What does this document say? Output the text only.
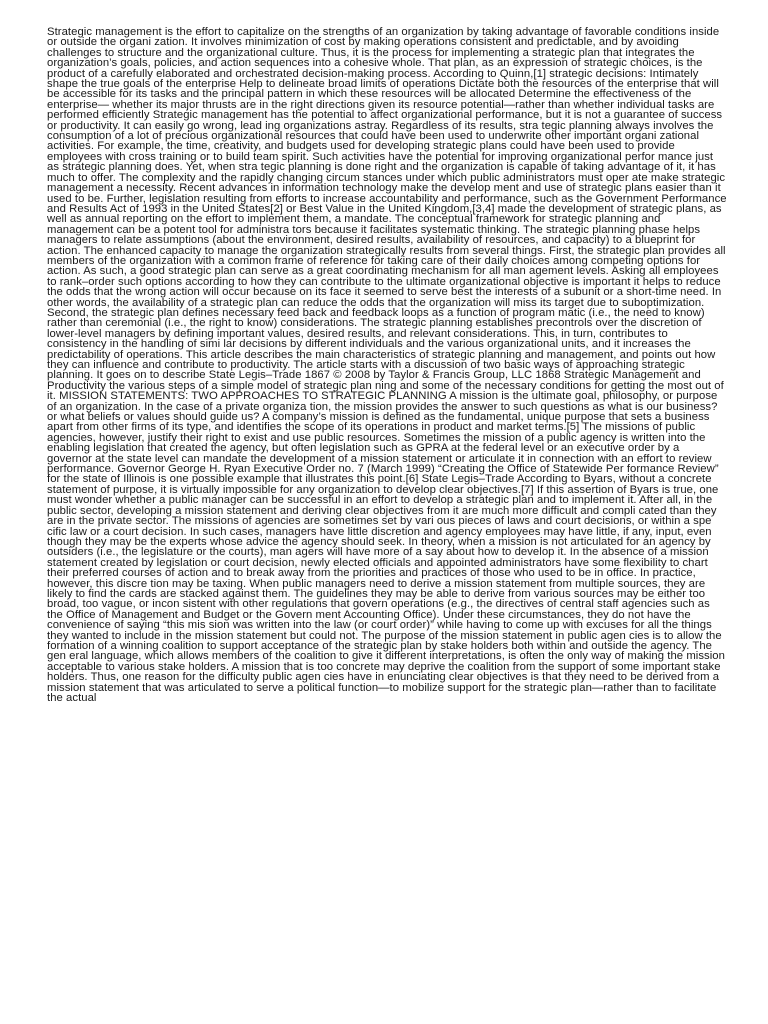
Strategic management is the effort to capitalize on the strengths of an organization by taking advantage of favorable conditions inside or outside the organi zation. It involves minimization of cost by making operations consistent and predictable, and by avoiding challenges to structure and the organizational culture. Thus, it is the process for implementing a strategic plan that integrates the organization’s goals, policies, and action sequences into a cohesive whole. That plan, as an expression of strategic choices, is the product of a carefully elaborated and orchestrated decision-making process. According to Quinn,[1] strategic decisions: Intimately shape the true goals of the enterprise Help to delineate broad limits of operations Dictate both the resources of the enterprise that will be accessible for its tasks and the principal pattern in which these resources will be allocated Determine the effectiveness of the enterprise— whether its major thrusts are in the right directions given its resource potential—rather than whether individual tasks are performed efficiently Strategic management has the potential to affect organizational performance, but it is not a guarantee of success or productivity. It can easily go wrong, lead ing organizations astray. Regardless of its results, stra tegic planning always involves the consumption of a lot of precious organizational resources that could have been used to underwrite other important organi zational activities. For example, the time, creativity, and budgets used for developing strategic plans could have been used to provide employees with cross training or to build team spirit. Such activities have the potential for improving organizational perfor mance just as strategic planning does. Yet, when stra tegic planning is done right and the organization is capable of taking advantage of it, it has much to offer. The complexity and the rapidly changing circum stances under which public administrators must oper ate make strategic management a necessity. Recent advances in information technology make the develop ment and use of strategic plans easier than it used to be. Further, legislation resulting from efforts to increase accountability and performance, such as the Government Performance and Results Act of 1993 in the United States[2] or Best Value in the United Kingdom,[3,4] made the development of strategic plans, as well as annual reporting on the effort to implement them, a mandate. The conceptual framework for strategic planning and management can be a potent tool for administra tors because it facilitates systematic thinking. The strategic planning phase helps managers to relate assumptions (about the environment, desired results, availability of resources, and capacity) to a blueprint for action. The enhanced capacity to manage the organization strategically results from several things. First, the strategic plan provides all members of the organization with a common frame of reference for taking care of their daily choices among competing options for action. As such, a good strategic plan can serve as a great coordinating mechanism for all man agement levels. Asking all employees to rank–order such options according to how they can contribute to the ultimate organizational objective is important it helps to reduce the odds that the wrong action will occur because on its face it seemed to serve best the interests of a subunit or a short-time need. In other words, the availability of a strategic plan can reduce the odds that the organization will miss its target due to suboptimization. Second, the strategic plan defines necessary feed back and feedback loops as a function of program matic (i.e., the need to know) rather than ceremonial (i.e., the right to know) considerations. The strategic planning establishes precontrols over the discretion of lower-level managers by defining important values, desired results, and relevant considerations. This, in turn, contributes to consistency in the handling of simi lar decisions by different individuals and the various organizational units, and it increases the predictability of operations. This article describes the main characteristics of strategic planning and management, and points out how they can influence and contribute to productivity. The article starts with a discussion of two basic ways of approaching strategic planning. It goes on to describe State Legis–Trade 1867 © 2008 by Taylor & Francis Group, LLC 1868 Strategic Management and Productivity the various steps of a simple model of strategic plan ning and some of the necessary conditions for getting the most out of it. MISSION STATEMENTS: TWO APPROACHES TO STRATEGIC PLANNING A mission is the ultimate goal, philosophy, or purpose of an organization. In the case of a private organiza tion, the mission provides the answer to such questions as what is our business? or what beliefs or values should guide us? A company’s mission is defined as the fundamental, unique purpose that sets a business apart from other firms of its type, and identifies the scope of its operations in product and market terms.[5] The missions of public agencies, however, justify their right to exist and use public resources. Sometimes the mission of a public agency is written into the enabling legislation that created the agency, but often legislation such as GPRA at the federal level or an executive order by a governor at the state level can mandate the development of a mission statement or articulate it in connection with an effort to review performance. Governor George H. Ryan Executive Order no. 7 (March 1999) “Creating the Office of Statewide Per formance Review” for the state of Illinois is one possible example that illustrates this point.[6] State Legis–Trade According to Byars, without a concrete statement of purpose, it is virtually impossible for any organization to develop clear objectives.[7] If this assertion of Byars is true, one must wonder whether a public manager can be successful in an effort to develop a strategic plan and to implement it. After all, in the public sector, developing a mission statement and deriving clear objectives from it are much more difficult and compli cated than they are in the private sector. The missions of agencies are sometimes set by vari ous pieces of laws and court decisions, or within a spe cific law or a court decision. In such cases, managers have little discretion and agency employees may have little, if any, input, even though they may be the experts whose advice the agency should seek. In theory, when a mission is not articulated for an agency by outsiders (i.e., the legislature or the courts), man agers will have more of a say about how to develop it. In the absence of a mission statement created by legislation or court decision, newly elected officials and appointed administrators have some flexibility to chart their preferred courses of action and to break away from the priorities and practices of those who used to be in office. In practice, however, this discre tion may be taxing. When public managers need to derive a mission statement from multiple sources, they are likely to find the cards are stacked against them. The guidelines they may be able to derive from various sources may be either too broad, too vague, or incon sistent with other regulations that govern operations (e.g., the directives of central staff agencies such as the Office of Management and Budget or the Govern ment Accounting Office). Under these circumstances, they do not have the convenience of saying “this mis sion was written into the law (or court order)” while having to come up with excuses for all the things they wanted to include in the mission statement but could not. The purpose of the mission statement in public agen cies is to allow the formation of a winning coalition to support acceptance of the strategic plan by stake holders both within and outside the agency. The gen eral language, which allows members of the coalition to give it different interpretations, is often the only way of making the mission acceptable to various stake holders. A mission that is too concrete may deprive the coalition from the support of some important stake holders. Thus, one reason for the difficulty public agen cies have in enunciating clear objectives is that they need to be derived from a mission statement that was articulated to serve a political function—to mobilize support for the strategic plan—rather than to facilitate the actual
